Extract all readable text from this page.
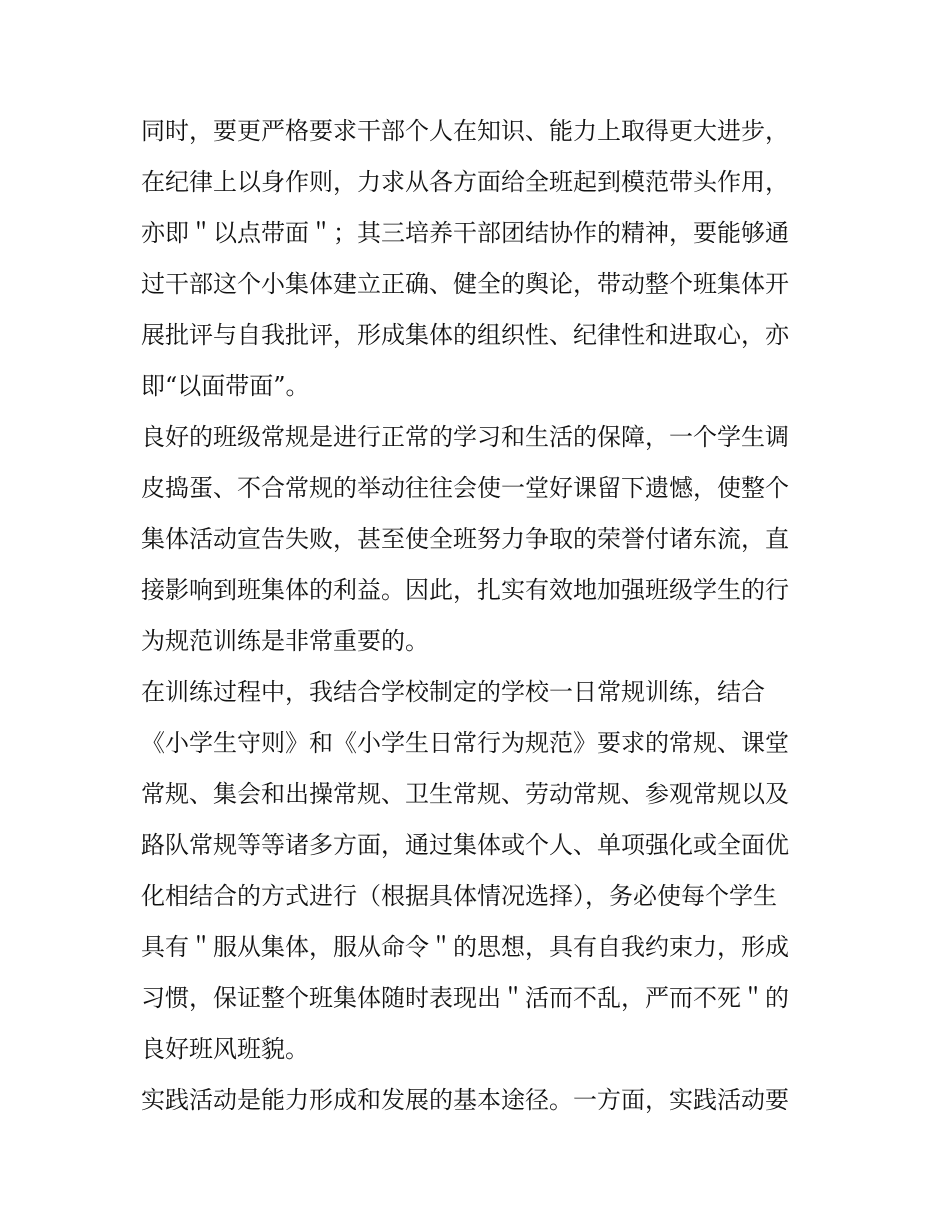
同时，要更严格要求干部个人在知识、能力上取得更大进步，
在纪律上以身作则，力求从各方面给全班起到模范带头作用，
亦即＂以点带面＂；其三培养干部团结协作的精神，要能够通
过干部这个小集体建立正确、健全的舆论，带动整个班集体开
展批评与自我批评，形成集体的组织性、纪律性和进取心，亦
即“以面带面”。
良好的班级常规是进行正常的学习和生活的保障，一个学生调
皮捣蛋、不合常规的举动往往会使一堂好课留下遗憾，使整个
集体活动宣告失败，甚至使全班努力争取的荣誉付诸东流，直
接影响到班集体的利益。因此，扎实有效地加强班级学生的行
为规范训练是非常重要的。
在训练过程中，我结合学校制定的学校一日常规训练，结合
《小学生守则》和《小学生日常行为规范》要求的常规、课堂
常规、集会和出操常规、卫生常规、劳动常规、参观常规以及
路队常规等等诸多方面，通过集体或个人、单项强化或全面优
化相结合的方式进行（根据具体情况选择），务必使每个学生
具有＂服从集体，服从命令＂的思想，具有自我约束力，形成
习惯，保证整个班集体随时表现出＂活而不乱，严而不死＂的
良好班风班貌。
实践活动是能力形成和发展的基本途径。一方面，实践活动要
